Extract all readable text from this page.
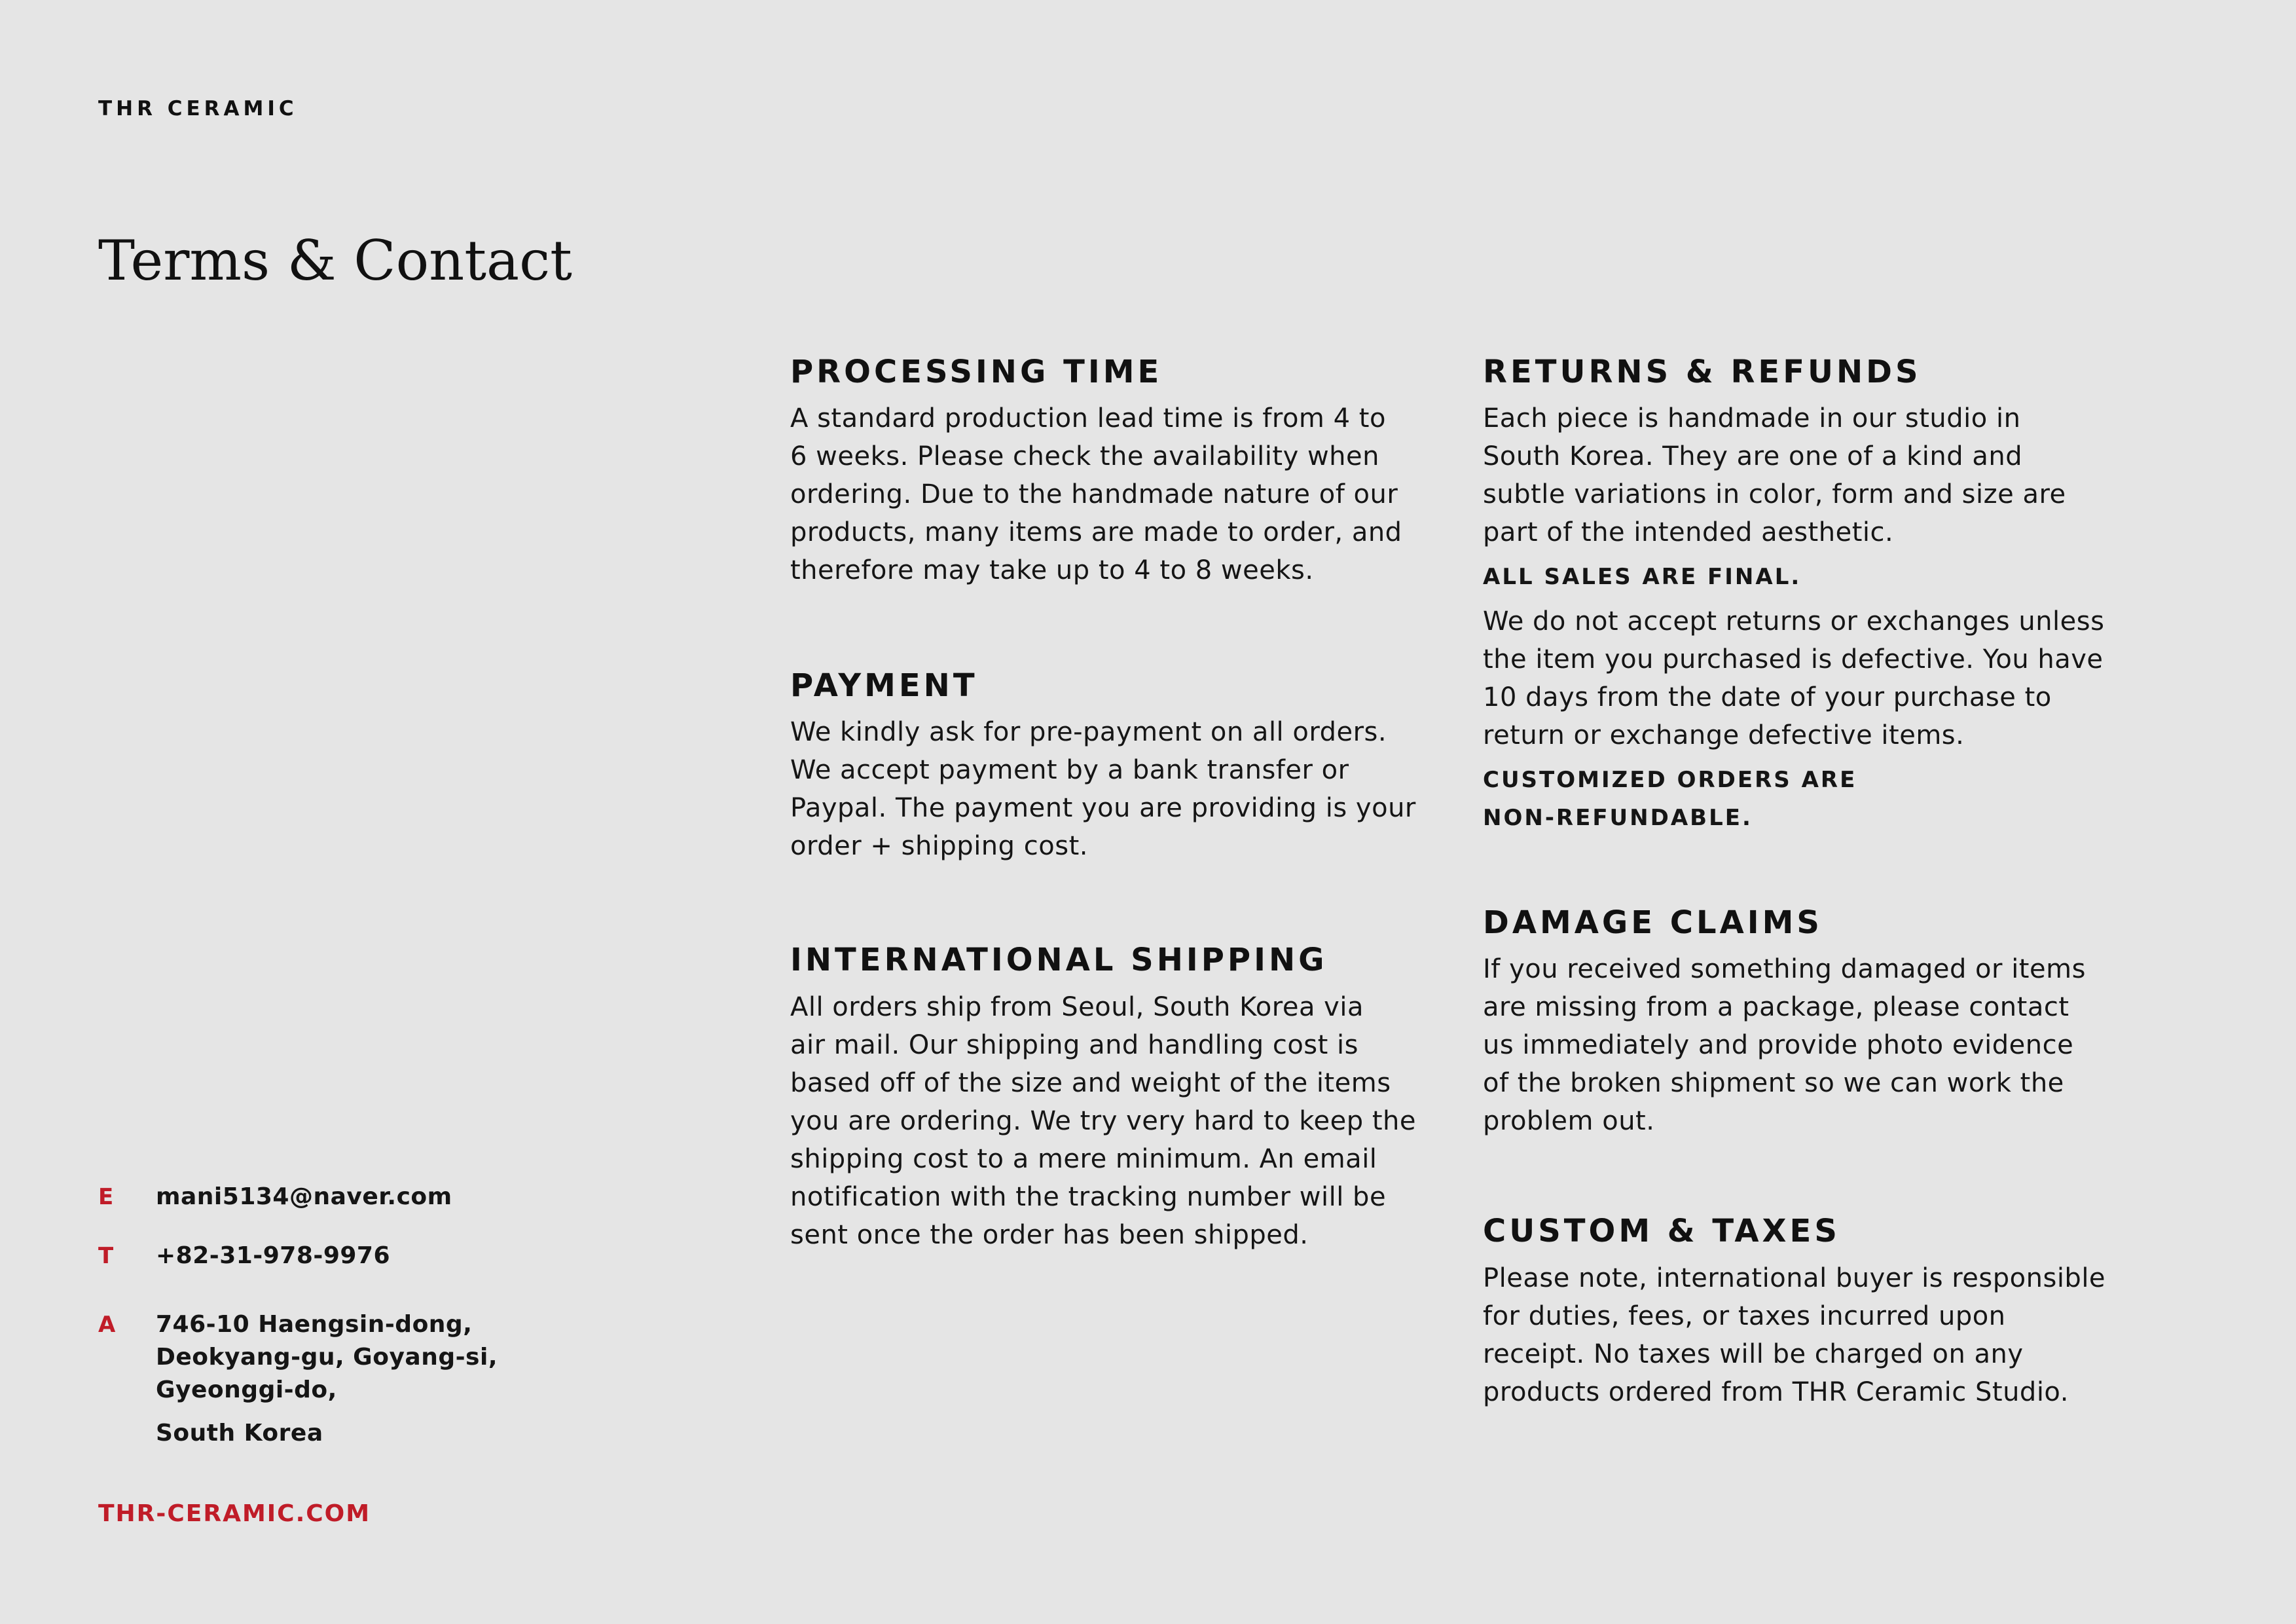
THR CERAMIC
Terms & Contact
PROCESSING TIME

A standard production lead time is from 4 to
6 weeks. Please check the availability when
ordering. Due to the handmade nature of our
products, many items are made to order, and
therefore may take up to 4 to 8 weeks.

PAYMENT

We kindly ask for pre-payment on all orders.
We accept payment by a bank transfer or
Paypal. The payment you are providing is your
order + shipping cost.

INTERNATIONAL SHIPPING

All orders ship from Seoul, South Korea via
air mail. Our shipping and handling cost is
based off of the size and weight of the items
you are ordering. We try very hard to keep the
shipping cost to a mere minimum. An email
notification with the tracking number will be
sent once the order has been shipped.

RETURNS & REFUNDS

Each piece is handmade in our studio in
South Korea. They are one of a kind and
subtle variations in color, form and size are
part of the intended aesthetic.

ALL SALES ARE FINAL.

We do not accept returns or exchanges unless
the item you purchased is defective. You have
10 days from the date of your purchase to
return or exchange defective items.

CUSTOMIZED ORDERS ARE
NON-REFUNDABLE.

DAMAGE CLAIMS

If you received something damaged or items
are missing from a package, please contact
us immediately and provide photo evidence
of the broken shipment so we can work the
problem out.

CUSTOM & TAXES

Please note, international buyer is responsible
for duties, fees, or taxes incurred upon
receipt. No taxes will be charged on any
products ordered from THR Ceramic Studio.

E	mani5134@naver.com
T	+82-31-978-9976
A	746-10 Haengsin-dong,
Deokyang-gu, Goyang-si,
Gyeonggi-do,
South Korea
THR-CERAMIC.COM
